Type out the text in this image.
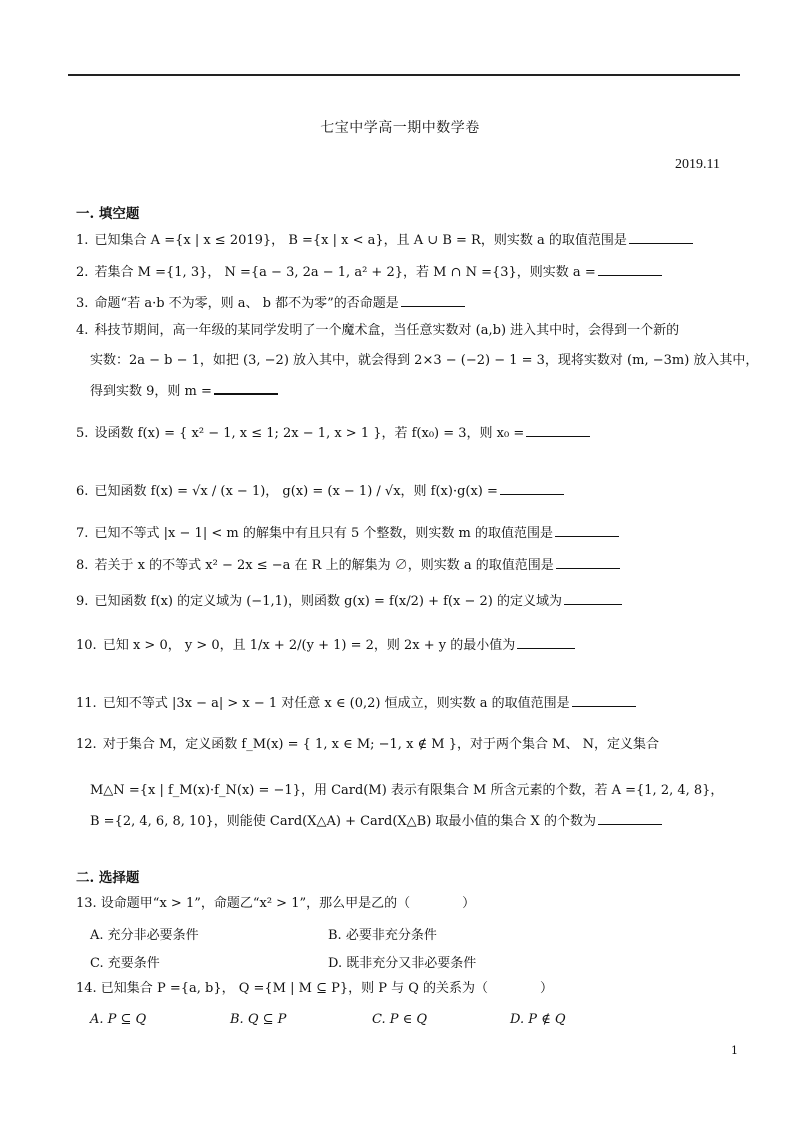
七宝中学高一期中数学卷
2019.11
一. 填空题
1. 已知集合 A ={x | x ≤ 2019}， B ={x | x < a}，且 A ∪ B = R，则实数 a 的取值范围是
2. 若集合 M ={1, 3}， N ={a − 3, 2a − 1, a² + 2}，若 M ∩ N ={3}，则实数 a =
3. 命题“若 a·b 不为零，则 a、 b 都不为零”的否命题是
4. 科技节期间，高一年级的某同学发明了一个魔术盒，当任意实数对 (a,b) 进入其中时，会得到一个新的
实数：2a − b − 1，如把 (3, −2) 放入其中，就会得到 2×3 − (−2) − 1 = 3，现将实数对 (m, −3m) 放入其中，
得到实数 9，则 m =
5. 设函数 f(x) = { x² − 1, x ≤ 1; 2x − 1, x > 1 }，若 f(x₀) = 3，则 x₀ =
6. 已知函数 f(x) = √x / (x − 1)， g(x) = (x − 1) / √x，则 f(x)·g(x) =
7. 已知不等式 |x − 1| < m 的解集中有且只有 5 个整数，则实数 m 的取值范围是
8. 若关于 x 的不等式 x² − 2x ≤ −a 在 R 上的解集为 ∅，则实数 a 的取值范围是
9. 已知函数 f(x) 的定义域为 (−1,1)，则函数 g(x) = f(x/2) + f(x − 2) 的定义域为
10. 已知 x > 0， y > 0，且 1/x + 2/(y + 1) = 2，则 2x + y 的最小值为
11. 已知不等式 |3x − a| > x − 1 对任意 x ∈ (0,2) 恒成立，则实数 a 的取值范围是
12. 对于集合 M，定义函数 f_M(x) = { 1, x ∈ M; −1, x ∉ M }，对于两个集合 M、 N，定义集合
M△N ={x | f_M(x)·f_N(x) = −1}，用 Card(M) 表示有限集合 M 所含元素的个数，若 A ={1, 2, 4, 8}，
B ={2, 4, 6, 8, 10}，则能使 Card(X△A) + Card(X△B) 取最小值的集合 X 的个数为
二. 选择题
13. 设命题甲“x > 1”，命题乙“x² > 1”，那么甲是乙的（　　　　）
A. 充分非必要条件	B. 必要非充分条件
C. 充要条件	D. 既非充分又非必要条件
14. 已知集合 P ={a, b}， Q ={M | M ⊆ P}，则 P 与 Q 的关系为（　　　　）
A. P ⊆ Q	B. Q ⊆ P	C. P ∈ Q	D. P ∉ Q
1
